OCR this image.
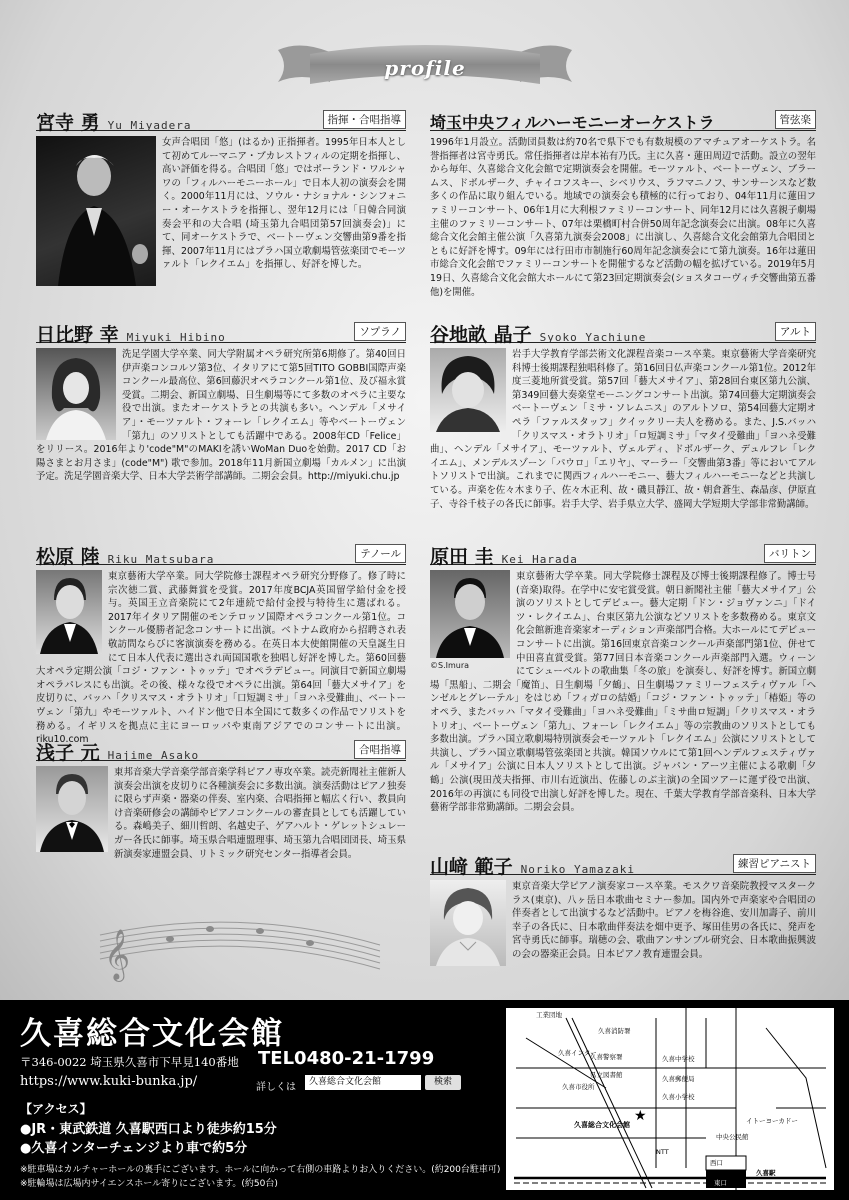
profile
宮寺 勇 Yu Miyadera	指揮・合唱指導
女声合唱団「悠」(はるか) 正指揮者。1995年日本人として初めてルーマニア・ブカレストフィルの定期を指揮し、高い評価を得る。合唱団「悠」ではポーランド・ワルシャワの「フィルハーモニーホール」で日本人初の演奏会を開く。2000年11月には、ソウル・ナショナル・シンフォニー・オーケストラを指揮し、翌年12月には「日韓合同演奏会平和の大合唱 (埼玉第九合唱団第57回演奏会)」にて、同オーケストラで、ベートーヴェン交響曲第9番を指揮、2007年11月にはプラハ国立歌劇場管弦楽団でモーツァルト「レクイエム」を指揮し、好評を博した。
日比野 幸 Miyuki Hibino	ソプラノ
洗足学園大学卒業、同大学附属オペラ研究所第6期修了。第40回日伊声楽コンコルソ第3位、イタリアにて第5回TITO GOBBI国際声楽コンクール最高位、第6回藤沢オペラコンクール第1位、及び福永賞受賞。二期会、新国立劇場、日生劇場等にて多数のオペラに主要な役で出演。またオーケストラとの共演も多い。ヘンデル「メサイア」・モーツァルト・フォーレ「レクイエム」等やベートーヴェン「第九」のソリストとしても活躍中である。2008年CD「Felice」をリリース。2016年より'code"M"のMAKIを誘いWoMan Duoを始動。2017 CD「お陽さまとお月さま」(code"M") 歌で参加。2018年11月新国立劇場「カルメン」に出演予定。洗足学園音楽大学、日本大学芸術学部講師。二期会会員。http://miyuki.chu.jp
松原 陸 Riku Matsubara	テノール
東京藝術大学卒業。同大学院修士課程オペラ研究分野修了。修了時に宗次徳二賞、武藤舞賞を受賞。2017年度BCJA英国留学給付金を授与。英国王立音楽院にて2年連続で給付金授与特待生に選ばれる。2017年イタリア開催のモンテロッソ国際オペラコンクール第1位。コンクール優勝者記念コンサートに出演。ベトナム政府から招聘され表敬訪問ならびに客演演奏を務める。在英日本大使館開催の天皇誕生日にて日本人代表に選出され両国国歌を独唱し好評を博した。第60回藝大オペラ定期公演「コジ・ファン・トゥッテ」でオペラデビュー。同演目で新国立劇場オペラパレスにも出演。その後、様々な役でオペラに出演。第64回「藝大メサイア」を皮切りに、バッハ「クリスマス・オラトリオ」「口短調ミサ」「ヨハネ受難曲」、ベートーヴェン「第九」やモーツァルト、ハイドン他で日本全国にて数多くの作品でソリストを務める。イギリスを拠点に主にヨーロッパや東南アジアでのコンサートに出演。riku10.com
浅子 元 Hajime Asako	合唱指導
東邦音楽大学音楽学部音楽学科ピアノ専攻卒業。読売新聞社主催新人演奏会出演を皮切りに各種演奏会に多数出演。演奏活動はピアノ独奏に限らず声楽・器楽の伴奏、室内楽、合唱指揮と幅広く行い、教員向け音楽研修会の講師やピアノコンクールの審査員としても活躍している。森嶋美子、細川哲朗、名越史子、ゲアハルト・ゲレットシュレーガー各氏に師事。埼玉県合唱連盟理事、埼玉第九合唱団団長、埼玉県新演奏家連盟会員、リトミック研究センター指導者会員。
𝄞
埼玉中央フィルハーモニーオーケストラ	管弦楽
1996年1月設立。活動団員数は約70名で県下でも有数規模のアマチュアオーケストラ。名誉指揮者は宮寺勇氏。常任指揮者は岸本祐有乃氏。主に久喜・蓮田周辺で活動。設立の翌年から毎年、久喜総合文化会館で定期演奏会を開催。モーツァルト、ベートーヴェン、ブラームス、ドボルザーク、チャイコフスキー、シベリウス、ラフマニノフ、サンサーンスなど数多くの作品に取り組んでいる。地域での演奏会も積極的に行っており、04年11月に蓮田ファミリーコンサート、06年1月に大利根ファミリーコンサート、同年12月には久喜親子劇場主催のファミリーコンサート、07年は栗橋町村合併50周年記念演奏会に出演。08年に久喜総合文化会館主催公演「久喜第九演奏会2008」に出演し、久喜総合文化会館第九合唱団とともに好評を博す。09年には行田市市制施行60周年記念演奏会にて第九演奏。16年は蓮田市総合文化会館でファミリーコンサートを開催するなど活動の幅を拡げている。2019年5月19日、久喜総合文化会館大ホールにて第23回定期演奏会(ショスタコーヴィチ交響曲第五番他)を開催。
谷地畝 晶子 Syoko Yachiune	アルト
岩手大学教育学部芸術文化課程音楽コース卒業。東京藝術大学音楽研究科博士後期課程独唱科修了。第16回日仏声楽コンクール第1位。2012年度三菱地所賞受賞。第57回「藝大メサイア」、第28回台東区第九公演、第349回藝大奏楽堂モーニングコンサート出演。第74回藝大定期演奏会ベートーヴェン「ミサ・ソレムニス」のアルトソロ、第54回藝大定期オペラ「ファルスタッフ」クイックリー夫人を務める。また、J.S.バッハ「クリスマス・オラトリオ」「ロ短調ミサ」「マタイ受難曲」「ヨハネ受難曲」、ヘンデル「メサイア」、モーツァルト、ヴェルディ、ドボルザーク、デュルフレ「レクイエム」、メンデルスゾーン「パウロ」「エリヤ」、マーラー「交響曲第3番」等においてアルトソリストで出演。これまでに関西フィルハーモニー、藝大フィルハーモニーなどと共演している。声楽を佐々木まり子、佐々木正利、故・磯貝靜江、故・朝倉蒼生、森晶彦、伊原直子、寺谷千枝子の各氏に師事。岩手大学、岩手県立大学、盛岡大学短期大学部非常勤講師。
原田 圭 Kei Harada	バリトン
©S.Imura
東京藝術大学卒業。同大学院修士課程及び博士後期課程修了。博士号(音楽)取得。在学中に安宅賞受賞。朝日新聞社主催「藝大メサイア」公演のソリストとしてデビュー。藝大定期「ドン・ジョヴァンニ」「ドイツ・レクイエム」、台東区第九公演などソリストを多数務める。東京文化会館新進音楽家オーディション声楽部門合格。大ホールにてデビューコンサートに出演。第16回東京音楽コンクール声楽部門第1位、併せて中田喜直賞受賞。第77回日本音楽コンクール声楽部門入選。ウィーンにてシューベルトの歌曲集「冬の旅」を演奏し、好評を博す。新国立劇場「黒船」、二期会「魔笛」、日生劇場「夕鶴」、日生劇場ファミリーフェスティヴァル「ヘンゼルとグレーテル」をはじめ「フィガロの結婚」「コジ・ファン・トゥッテ」「椿姫」等のオペラ、またバッハ「マタイ受難曲」「ヨハネ受難曲」「ミサ曲ロ短調」「クリスマス・オラトリオ」、ベートーヴェン「第九」、フォーレ「レクイエム」等の宗教曲のソリストとしても多数出演。プラハ国立歌劇場特別演奏会モーツァルト「レクイエム」公演にソリストとして共演し、プラハ国立歌劇場管弦楽団と共演。韓国ソウルにて第1回ヘンデルフェスティヴァル「メサイア」公演に日本人ソリストとして出演。ジャパン・アーツ主催による歌劇「夕鶴」公演(現田茂夫指揮、市川右近演出、佐藤しのぶ主演)の全国ツアーに運ず役で出演、2016年の再演にも同役で出演し好評を博した。現在、千葉大学教育学部音楽科、日本大学藝術学部非常勤講師。二期会会員。
山﨑 範子 Noriko Yamazaki	練習ピアニスト
東京音楽大学ピアノ演奏家コース卒業。モスクワ音楽院教授マスタークラス(東京)、八ヶ岳日本歌曲セミナー参加。国内外で声楽家や合唱団の伴奏者として出演するなど活動中。ピアノを梅谷進、安川加壽子、前川幸子の各氏に、日本歌曲伴奏法を畑中更予、塚田佳男の各氏に、発声を宮寺勇氏に師事。瑞穂の会、歌曲アンサンブル研究会、日本歌曲振興波の会の器楽正会員。日本ピアノ教育連盟会員。
久喜総合文化会館
〒346-0022 埼玉県久喜市下早見140番地 TEL0480-21-1799
https://www.kuki-bunka.jp/	詳しくは	久喜総合文化会館	検索
【アクセス】
●JR・東武鉄道 久喜駅西口より徒歩約15分
●久喜インターチェンジより車で約5分
※駐車場はカルチャーホールの裏手にございます。ホールに向かって右側の車路よりお入りください。(約200台駐車可)
※駐輪場は広場内サイエンスホール寄りにございます。(約50台)
★
工業団地
久喜消防署
久喜インター
久喜警察署	久喜中学校
久喜郵便局
県立図書館
久喜市役所
久喜小学校
久喜総合文化会館	イトーヨーカドー
中央公民館
NTT
西口
東口
久喜駅
